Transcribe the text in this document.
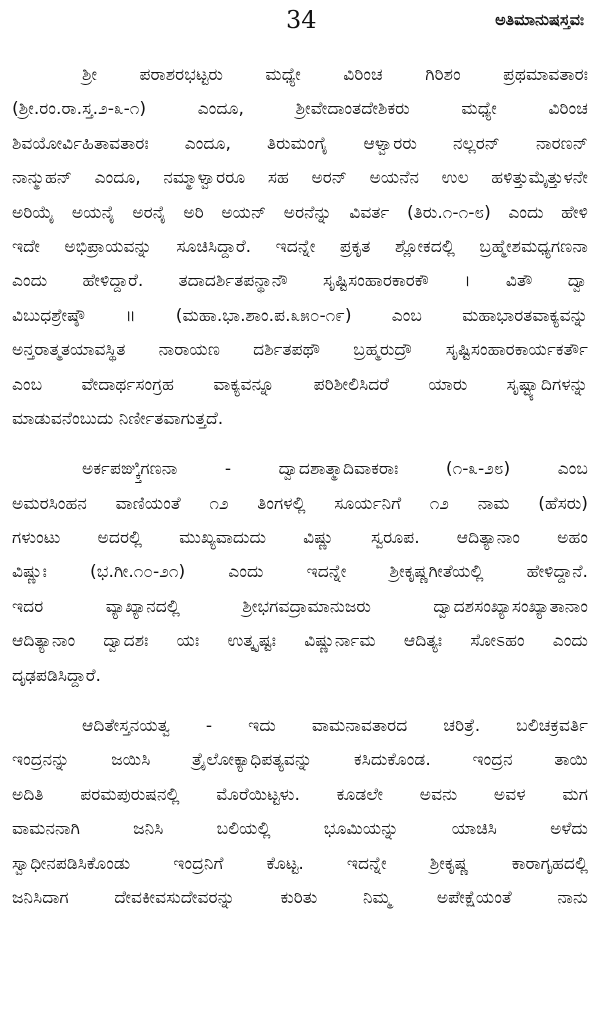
34	ಅತಿಮಾನುಷಸ್ತವಃ
ಶ್ರೀ ಪರಾಶರಭಟ್ಟರು ಮಧ್ಯೇ ವಿರಿಂಚ ಗಿರಿಶಂ ಪ್ರಥಮಾವತಾರಃ
(ಶ್ರೀ.ರಂ.ರಾ.ಸ್ತ.೨-೩-೧) ಎಂದೂ, ಶ್ರೀವೇದಾಂತದೇಶಿಕರು ಮಧ್ಯೇ ವಿರಿಂಚ
ಶಿವಯೋರ್ವಿಹಿತಾವತಾರಃ ಎಂದೂ, ತಿರುಮಂಗೈ ಆಳ್ವಾರರು ನಲ್ಲರನ್ ನಾರಣನ್
ನಾನ್ಮುಹನ್ ಎಂದೂ, ನಮ್ಮಾಳ್ವಾರರೂ ಸಹ ಅರನ್ ಅಯನೆನ ಉಲ ಹಳಿತ್ತುಮೈತ್ತುಳನೇ
ಅರಿಯೈ ಅಯನೈ ಅರನೈ ಅರಿ ಅಯನ್ ಅರನೆನ್ನು ವಿವರ್ತ (ತಿರು.೧-೧-೮) ಎಂದು ಹೇಳಿ
ಇದೇ ಅಭಿಪ್ರಾಯವನ್ನು ಸೂಚಿಸಿದ್ದಾರೆ. ಇದನ್ನೇ ಪ್ರಕೃತ ಶ್ಲೋಕದಲ್ಲಿ ಬ್ರಹ್ಮೇಶಮಧ್ಯಗಣನಾ
ಎಂದು ಹೇಳಿದ್ದಾರೆ. ತದಾದರ್ಶಿತಪನ್ಥಾನೌ ಸೃಷ್ಟಿಸಂಹಾರಕಾರಕೌ । ವಿತೌ ದ್ವಾ
ವಿಬುಧಶ್ರೇಷ್ಠೌ ॥ (ಮಹಾ.ಭಾ.ಶಾಂ.ಪ.೩೫೦-೧೯) ಎಂಬ ಮಹಾಭಾರತವಾಕ್ಯವನ್ನು
ಅನ್ತರಾತ್ಮತಯಾವಸ್ಥಿತ ನಾರಾಯಣ ದರ್ಶಿತಪಥೌ ಬ್ರಹ್ಮರುದ್ರೌ ಸೃಷ್ಟಿಸಂಹಾರಕಾರ್ಯಕರ್ತೌ
ಎಂಬ ವೇದಾರ್ಥಸಂಗ್ರಹ ವಾಕ್ಯವನ್ನೂ ಪರಿಶೀಲಿಸಿದರೆ ಯಾರು ಸೃಷ್ಟ್ಯಾದಿಗಳನ್ನು
ಮಾಡುವನೆಂಬುದು ನಿರ್ಣೀತವಾಗುತ್ತದೆ.
ಅರ್ಕಪಙ್ಕ್ತಿಗಣನಾ - ದ್ವಾದಶಾತ್ಮಾದಿವಾಕರಾಃ (೧-೩-೨೮) ಎಂಬ
ಅಮರಸಿಂಹನ ವಾಣಿಯಂತೆ ೧೨ ತಿಂಗಳಲ್ಲಿ ಸೂರ್ಯನಿಗೆ ೧೨ ನಾಮ (ಹೆಸರು)
ಗಳುಂಟು ಅದರಲ್ಲಿ ಮುಖ್ಯವಾದುದು ವಿಷ್ಣು ಸ್ವರೂಪ. ಆದಿತ್ಯಾನಾಂ ಅಹಂ
ವಿಷ್ಣುಃ (ಭ.ಗೀ.೧೦-೨೧) ಎಂದು ಇದನ್ನೇ ಶ್ರೀಕೃಷ್ಣಗೀತೆಯಲ್ಲಿ ಹೇಳಿದ್ದಾನೆ.
ಇದರ ವ್ಯಾಖ್ಯಾನದಲ್ಲಿ ಶ್ರೀಭಗವದ್ರಾಮಾನುಜರು ದ್ವಾದಶಸಂಖ್ಯಾಸಂಖ್ಯಾತಾನಾಂ
ಆದಿತ್ಯಾನಾಂ ದ್ವಾದಶಃ ಯಃ ಉತ್ಕೃಷ್ಟಃ ವಿಷ್ಣುರ್ನಾಮ ಆದಿತ್ಯಃ ಸೋಽಹಂ ಎಂದು
ದೃಢಪಡಿಸಿದ್ದಾರೆ.
ಆದಿತೇಸ್ತನಯತ್ವ - ಇದು ವಾಮನಾವತಾರದ ಚರಿತ್ರೆ. ಬಲಿಚಕ್ರವರ್ತಿ
ಇಂದ್ರನನ್ನು ಜಯಿಸಿ ತ್ರೈಲೋಕ್ಯಾಧಿಪತ್ಯವನ್ನು ಕಸಿದುಕೊಂಡ. ಇಂದ್ರನ ತಾಯಿ
ಅದಿತಿ ಪರಮಪುರುಷನಲ್ಲಿ ಮೊರೆಯಿಟ್ಟಳು. ಕೂಡಲೇ ಅವನು ಅವಳ ಮಗ
ವಾಮನನಾಗಿ ಜನಿಸಿ ಬಲಿಯಲ್ಲಿ ಭೂಮಿಯನ್ನು ಯಾಚಿಸಿ ಅಳೆದು
ಸ್ವಾಧೀನಪಡಿಸಿಕೊಂಡು ಇಂದ್ರನಿಗೆ ಕೊಟ್ಟ. ಇದನ್ನೇ ಶ್ರೀಕೃಷ್ಣ ಕಾರಾಗೃಹದಲ್ಲಿ
ಜನಿಸಿದಾಗ ದೇವಕೀವಸುದೇವರನ್ನು ಕುರಿತು ನಿಮ್ಮ ಅಪೇಕ್ಷೆಯಂತೆ ನಾನು
